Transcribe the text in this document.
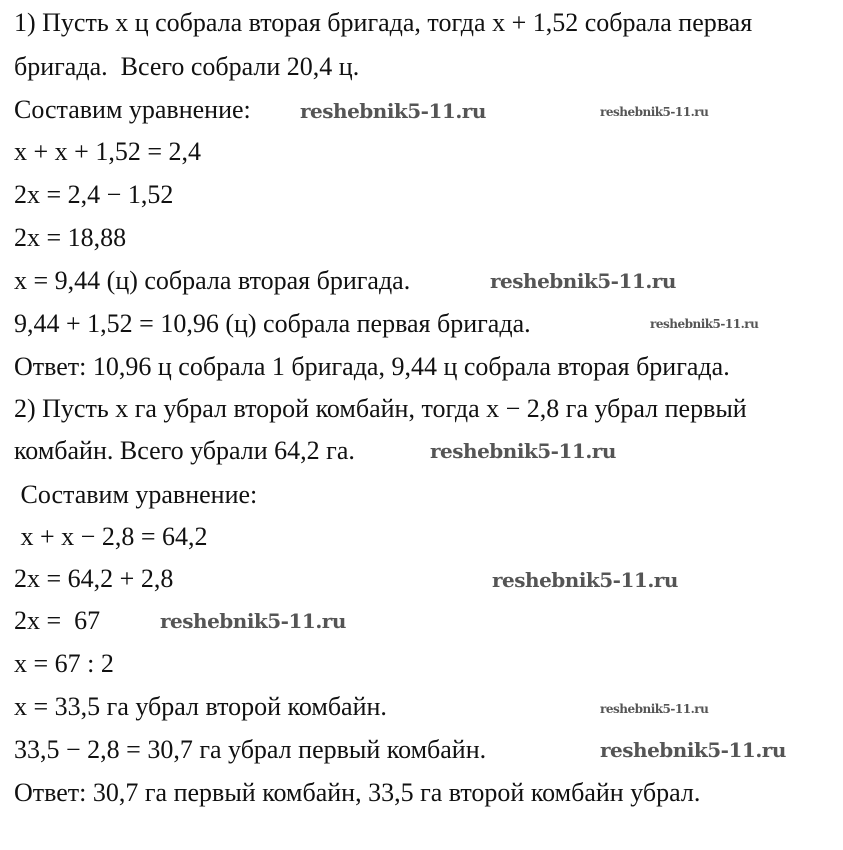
1) Пусть x ц собрала вторая бригада, тогда x + 1,52 собрала первая
бригада.  Всего собрали 20,4 ц.
Составим уравнение:
x + x + 1,52 = 2,4
2x = 2,4 − 1,52
2x = 18,88
x = 9,44 (ц) собрала вторая бригада.
9,44 + 1,52 = 10,96 (ц) собрала первая бригада.
Ответ: 10,96 ц собрала 1 бригада, 9,44 ц собрала вторая бригада.
2) Пусть x га убрал второй комбайн, тогда x − 2,8 га убрал первый
комбайн. Всего убрали 64,2 га.
Составим уравнение:
x + x − 2,8 = 64,2
2x = 64,2 + 2,8
2x =  67
x = 67 : 2
x = 33,5 га убрал второй комбайн.
33,5 − 2,8 = 30,7 га убрал первый комбайн.
Ответ: 30,7 га первый комбайн, 33,5 га второй комбайн убрал.
reshebnik5-11.ru	reshebnik5-11.ru
reshebnik5-11.ru
reshebnik5-11.ru
reshebnik5-11.ru
reshebnik5-11.ru
reshebnik5-11.ru
reshebnik5-11.ru
reshebnik5-11.ru
